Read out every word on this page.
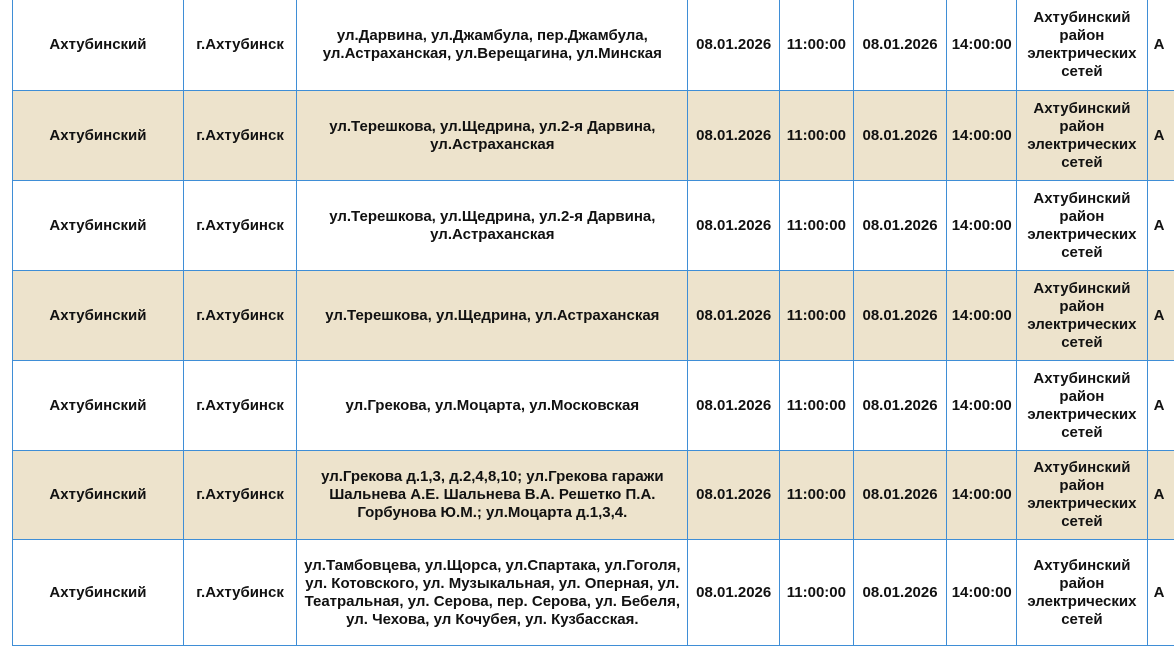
Ахтубинский	г.Ахтубинск	ул.Дарвина, ул.Джамбула, пер.Джамбула, ул.Астраханская, ул.Верещагина, ул.Минская	08.01.2026	11:00:00	08.01.2026	14:00:00	Ахтубинский район электрических сетей	А
Ахтубинский	г.Ахтубинск	ул.Терешкова, ул.Щедрина, ул.2-я Дарвина, ул.Астраханская	08.01.2026	11:00:00	08.01.2026	14:00:00	Ахтубинский район электрических сетей	А
Ахтубинский	г.Ахтубинск	ул.Терешкова, ул.Щедрина, ул.2-я Дарвина, ул.Астраханская	08.01.2026	11:00:00	08.01.2026	14:00:00	Ахтубинский район электрических сетей	А
Ахтубинский	г.Ахтубинск	ул.Терешкова, ул.Щедрина, ул.Астраханская	08.01.2026	11:00:00	08.01.2026	14:00:00	Ахтубинский район электрических сетей	А
Ахтубинский	г.Ахтубинск	ул.Грекова, ул.Моцарта, ул.Московская	08.01.2026	11:00:00	08.01.2026	14:00:00	Ахтубинский район электрических сетей	А
Ахтубинский	г.Ахтубинск	ул.Грекова д.1,3, д.2,4,8,10; ул.Грекова гаражи Шальнева А.Е. Шальнева В.А. Решетко П.А. Горбунова Ю.М.; ул.Моцарта д.1,3,4.	08.01.2026	11:00:00	08.01.2026	14:00:00	Ахтубинский район электрических сетей	А
Ахтубинский	г.Ахтубинск	ул.Тамбовцева, ул.Щорса, ул.Спартака, ул.Гоголя, ул. Котовского, ул. Музыкальная, ул. Оперная, ул. Театральная, ул. Серова, пер. Серова, ул. Бебеля, ул. Чехова, ул Кочубея, ул. Кузбасская.	08.01.2026	11:00:00	08.01.2026	14:00:00	Ахтубинский район электрических сетей	А
